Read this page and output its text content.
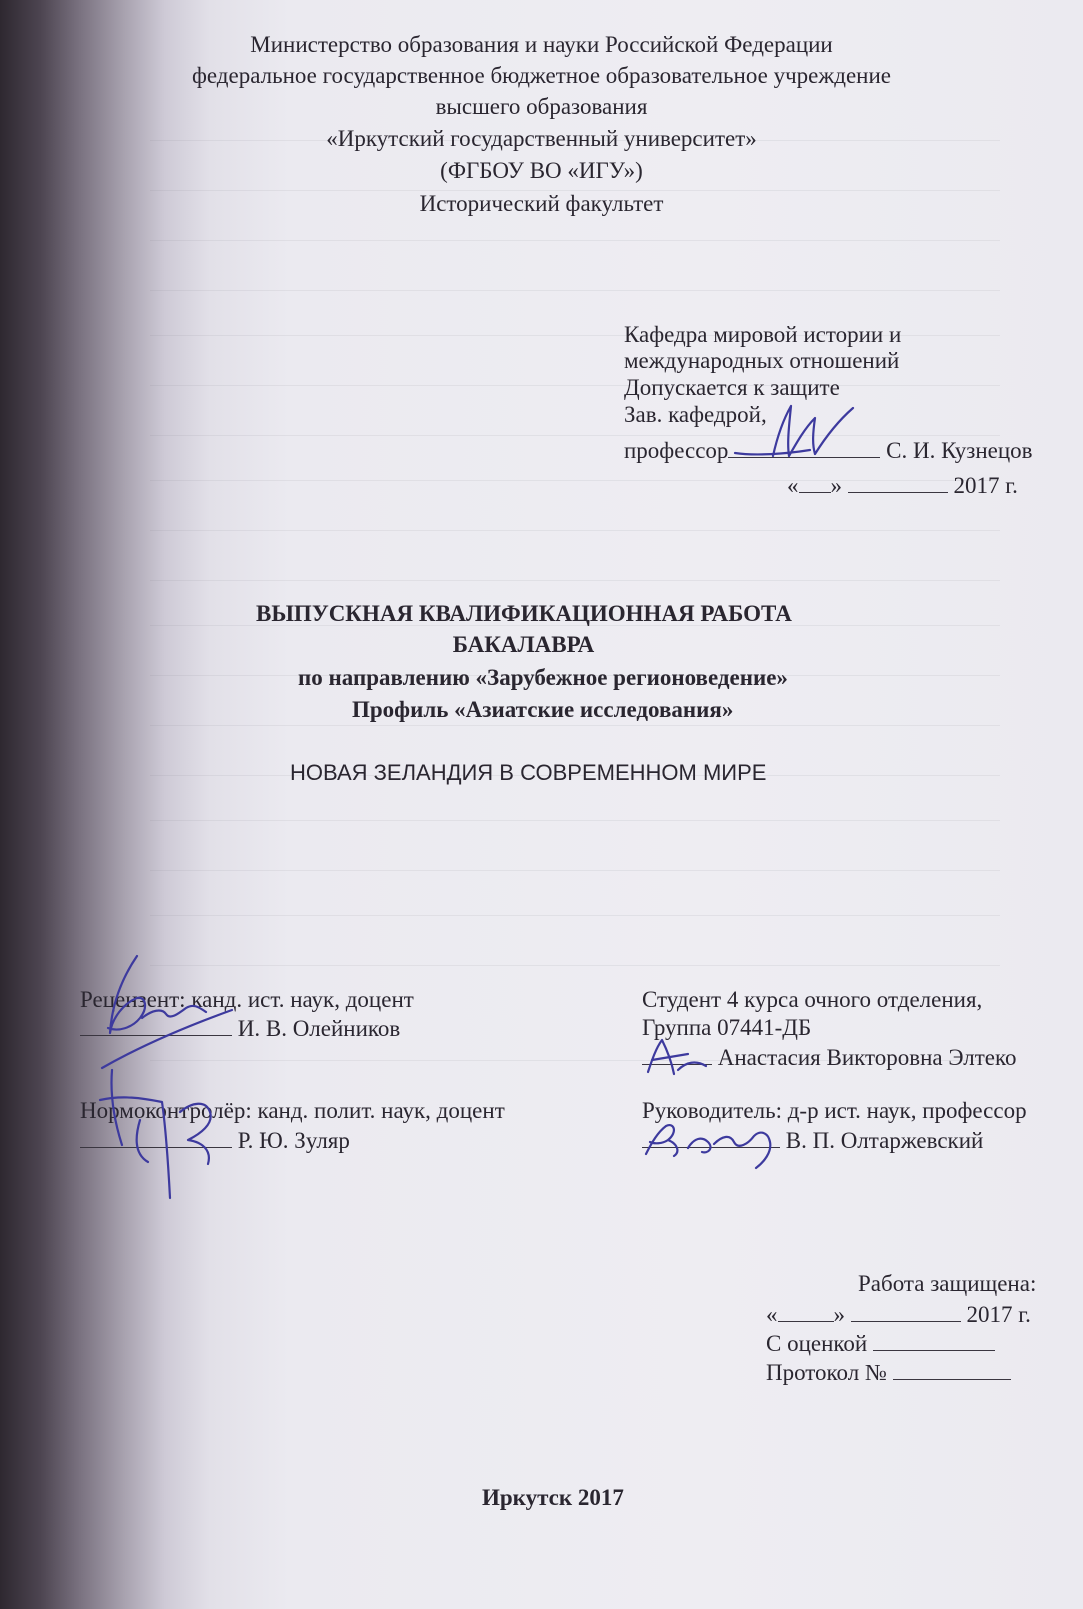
Министерство образования и науки Российской Федерации
федеральное государственное бюджетное образовательное учреждение
высшего образования
«Иркутский государственный университет»
(ФГБОУ ВО «ИГУ»)
Исторический факультет
Кафедра мировой истории и
международных отношений
Допускается к защите
Зав. кафедрой,
профессор	С. И. Кузнецов
« »	2017 г.
ВЫПУСКНАЯ КВАЛИФИКАЦИОННАЯ РАБОТА
БАКАЛАВРА
по направлению «Зарубежное регионоведение»
Профиль «Азиатские исследования»
НОВАЯ ЗЕЛАНДИЯ В СОВРЕМЕННОМ МИРЕ
Рецензент: канд. ист. наук, доцент
И. В. Олейников
Нормоконтролёр: канд. полит. наук, доцент
Р. Ю. Зуляр
Студент 4 курса очного отделения,
Группа 07441-ДБ
Анастасия Викторовна Элтеко
Руководитель: д-р ист. наук, профессор
В. П. Олтаржевский
Работа защищена:
« »	2017 г.
С оценкой
Протокол №
Иркутск 2017
